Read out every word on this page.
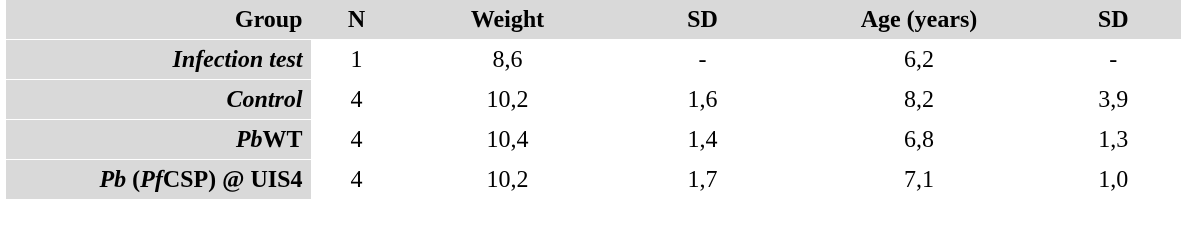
Group	N	Weight	SD	Age (years)	SD
Infection test	1	8,6	-	6,2	-
Control	4	10,2	1,6	8,2	3,9
PbWT	4	10,4	1,4	6,8	1,3
Pb (PfCSP) @ UIS4	4	10,2	1,7	7,1	1,0
